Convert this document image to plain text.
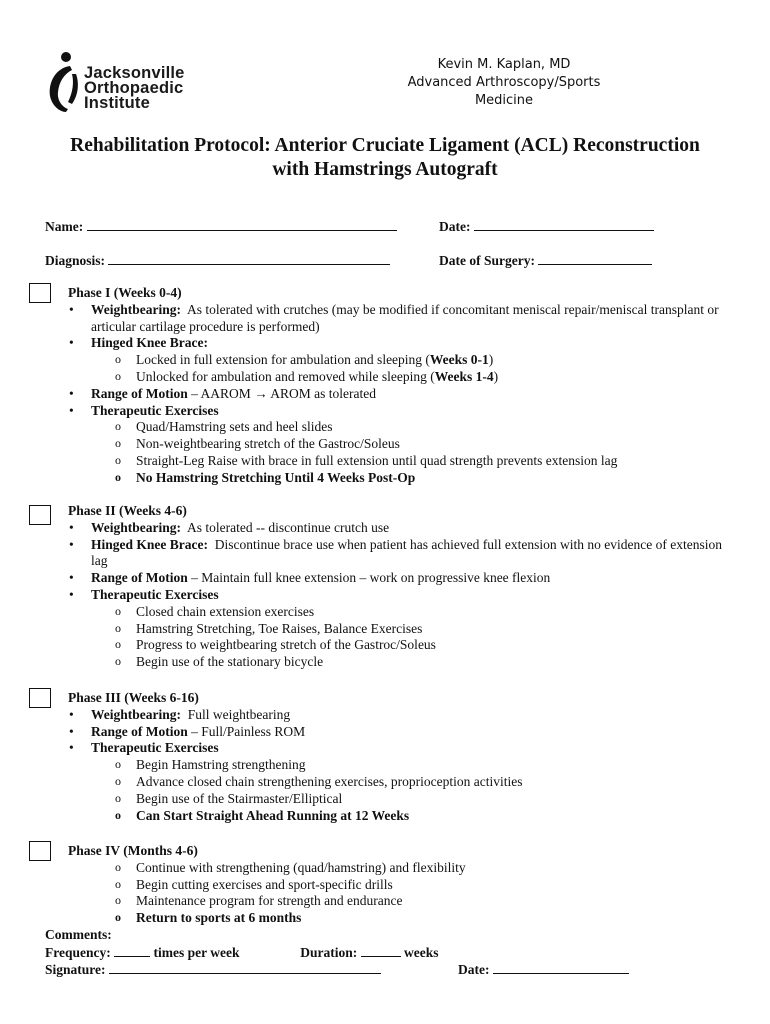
Jacksonville
Orthopaedic
Institute
Kevin M. Kaplan, MD
Advanced Arthroscopy/Sports
Medicine
Rehabilitation Protocol: Anterior Cruciate Ligament (ACL) Reconstruction
with Hamstrings Autograft
Name:	Date:
Diagnosis:	Date of Surgery:
Phase I (Weeks 0-4)
• Weightbearing: As tolerated with crutches (may be modified if concomitant meniscal repair/meniscal transplant or articular cartilage procedure is performed)
• Hinged Knee Brace:
o Locked in full extension for ambulation and sleeping (Weeks 0-1)
o Unlocked for ambulation and removed while sleeping (Weeks 1-4)
• Range of Motion – AAROM → AROM as tolerated
• Therapeutic Exercises
o Quad/Hamstring sets and heel slides
o Non-weightbearing stretch of the Gastroc/Soleus
o Straight-Leg Raise with brace in full extension until quad strength prevents extension lag
o No Hamstring Stretching Until 4 Weeks Post-Op
Phase II (Weeks 4-6)
• Weightbearing: As tolerated -- discontinue crutch use
• Hinged Knee Brace: Discontinue brace use when patient has achieved full extension with no evidence of extension lag
• Range of Motion – Maintain full knee extension – work on progressive knee flexion
• Therapeutic Exercises
o Closed chain extension exercises
o Hamstring Stretching, Toe Raises, Balance Exercises
o Progress to weightbearing stretch of the Gastroc/Soleus
o Begin use of the stationary bicycle
Phase III (Weeks 6-16)
• Weightbearing: Full weightbearing
• Range of Motion – Full/Painless ROM
• Therapeutic Exercises
o Begin Hamstring strengthening
o Advance closed chain strengthening exercises, proprioception activities
o Begin use of the Stairmaster/Elliptical
o Can Start Straight Ahead Running at 12 Weeks
Phase IV (Months 4-6)
o Continue with strengthening (quad/hamstring) and flexibility
o Begin cutting exercises and sport-specific drills
o Maintenance program for strength and endurance
o Return to sports at 6 months
Comments:
Frequency:	times per week	Duration:	weeks
Signature:	Date:
